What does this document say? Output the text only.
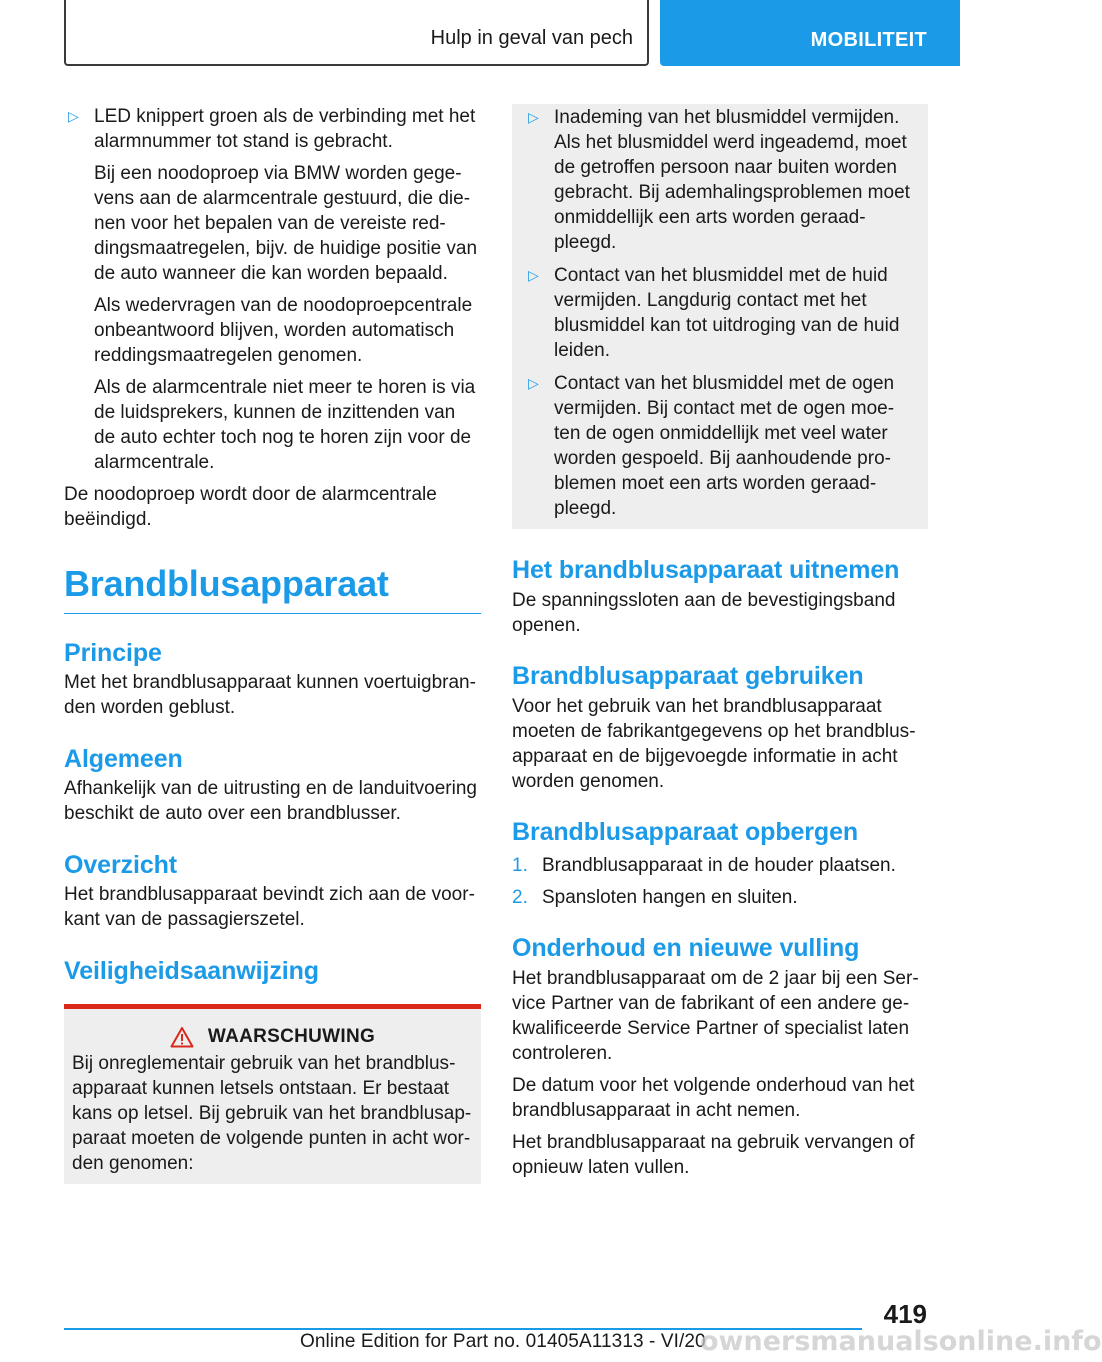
Hulp in geval van pech	MOBILITEIT
▷ LED knippert groen als de verbinding met het alarmnummer tot stand is gebracht.

Bij een noodoproep via BMW worden gegevens aan de alarmcentrale gestuurd, die dienen voor het bepalen van de vereiste reddingsmaatregelen, bijv. de huidige positie van de auto wanneer die kan worden bepaald.

Als wedervragen van de noodoproepcentrale onbeantwoord blijven, worden automatisch reddingsmaatregelen genomen.

Als de alarmcentrale niet meer te horen is via de luidsprekers, kunnen de inzittenden van de auto echter toch nog te horen zijn voor de alarmcentrale.

De noodoproep wordt door de alarmcentrale beëindigd.

Brandblusapparaat
Principe

Met het brandblusapparaat kunnen voertuigbranden worden geblust.

Algemeen

Afhankelijk van de uitrusting en de landuitvoering beschikt de auto over een brandblusser.

Overzicht

Het brandblusapparaat bevindt zich aan de voorkant van de passagierszetel.

Veiligheidsaanwijzing
WAARSCHUWING

Bij onreglementair gebruik van het brandblusapparaat kunnen letsels ontstaan. Er bestaat kans op letsel. Bij gebruik van het brandblusapparaat moeten de volgende punten in acht worden genomen:

▷ Inademing van het blusmiddel vermijden. Als het blusmiddel werd ingeademd, moet de getroffen persoon naar buiten worden gebracht. Bij ademhalingsproblemen moet onmiddellijk een arts worden geraadpleegd.
▷ Contact van het blusmiddel met de huid vermijden. Langdurig contact met het blusmiddel kan tot uitdroging van de huid leiden.
▷ Contact van het blusmiddel met de ogen vermijden. Bij contact met de ogen moeten de ogen onmiddellijk met veel water worden gespoeld. Bij aanhoudende problemen moet een arts worden geraadpleegd.
Het brandblusapparaat uitnemen

De spanningssloten aan de bevestigingsband openen.

Brandblusapparaat gebruiken

Voor het gebruik van het brandblusapparaat moeten de fabrikantgegevens op het brandblusapparaat en de bijgevoegde informatie in acht worden genomen.

Brandblusapparaat opbergen
1. Brandblusapparaat in de houder plaatsen.
2. Spansloten hangen en sluiten.
Onderhoud en nieuwe vulling

Het brandblusapparaat om de 2 jaar bij een Service Partner van de fabrikant of een andere gekwalificeerde Service Partner of specialist laten controleren.

De datum voor het volgende onderhoud van het brandblusapparaat in acht nemen.

Het brandblusapparaat na gebruik vervangen of opnieuw laten vullen.

419
Online Edition for Part no. 01405A11313 - VI/20
ownersmanualsonline.info
